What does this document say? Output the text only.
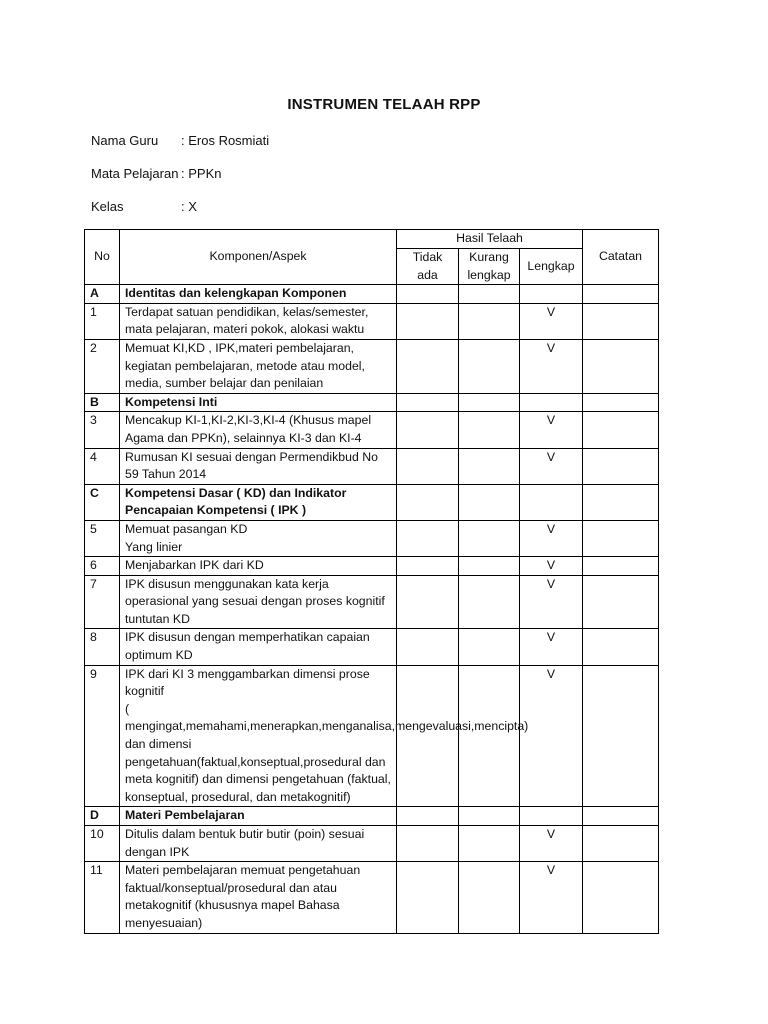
INSTRUMEN TELAAH RPP
Nama Guru : Eros Rosmiati
Mata Pelajaran : PPKn
Kelas	: X
No	Komponen/Aspek	Hasil Telaah			Catatan
		Tidak ada	Kurang lengkap	Lengkap	
A	Identitas dan kelengkapan Komponen				
1	Terdapat satuan pendidikan, kelas/semester, mata pelajaran, materi pokok, alokasi waktu			V	
2	Memuat KI,KD , IPK,materi pembelajaran, kegiatan pembelajaran, metode atau model, media, sumber belajar dan penilaian			V	
B	Kompetensi Inti				
3	Mencakup KI-1,KI-2,KI-3,KI-4 (Khusus mapel Agama dan PPKn), selainnya KI-3 dan KI-4			V	
4	Rumusan KI sesuai dengan Permendikbud No 59 Tahun 2014			V	
C	Kompetensi Dasar ( KD) dan Indikator Pencapaian Kompetensi ( IPK )				
5	Memuat pasangan KD
Yang linier			V	
6	Menjabarkan IPK dari KD			V	
7	IPK disusun menggunakan kata kerja operasional yang sesuai dengan proses kognitif tuntutan KD			V	
8	IPK disusun dengan memperhatikan capaian optimum KD			V	
9	IPK dari KI 3 menggambarkan dimensi prose kognitif
( mengingat,memahami,menerapkan,menganalisa,mengevaluasi,mencipta) dan dimensi pengetahuan(faktual,konseptual,prosedural dan meta kognitif) dan dimensi pengetahuan (faktual, konseptual, prosedural, dan metakognitif)			V	
D	Materi Pembelajaran				
10	Ditulis dalam bentuk butir butir (poin) sesuai dengan IPK			V	
11	Materi pembelajaran memuat pengetahuan faktual/konseptual/prosedural dan atau metakognitif (khususnya mapel Bahasa menyesuaian)			V	
